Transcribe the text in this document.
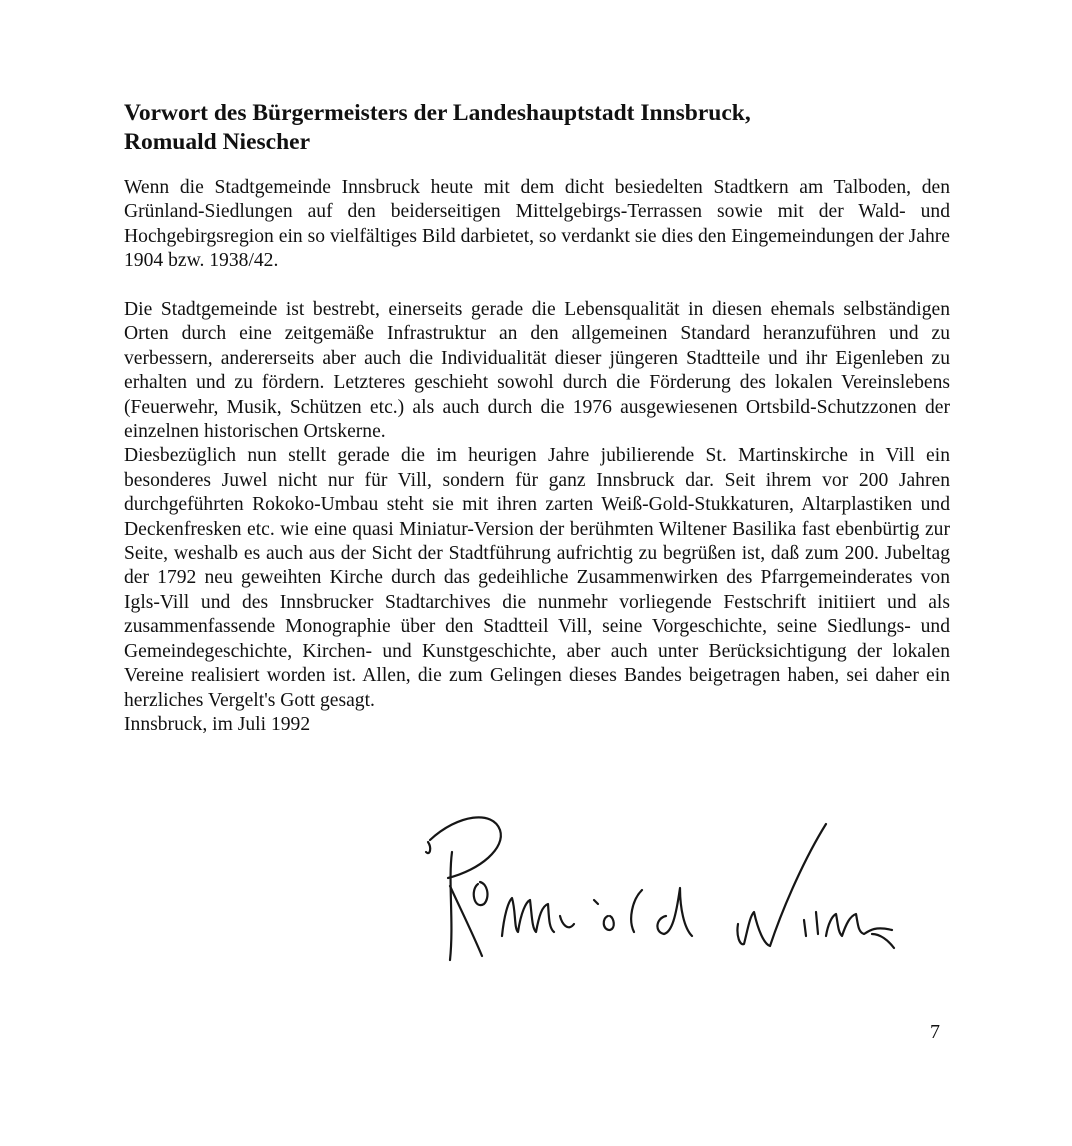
Vorwort des Bürgermeisters der Landeshauptstadt Innsbruck,
Romuald Niescher

Wenn die Stadtgemeinde Innsbruck heute mit dem dicht besiedelten Stadtkern am Talboden, den Grünland-Siedlungen auf den beiderseitigen Mittelgebirgs-Terrassen sowie mit der Wald- und Hochgebirgsregion ein so vielfältiges Bild darbietet, so verdankt sie dies den Eingemeindungen der Jahre 1904 bzw. 1938/42.

Die Stadtgemeinde ist bestrebt, einerseits gerade die Lebensqualität in diesen ehemals selbständigen Orten durch eine zeitgemäße Infrastruktur an den allgemeinen Standard heranzuführen und zu verbessern, andererseits aber auch die Individualität dieser jüngeren Stadtteile und ihr Eigenleben zu erhalten und zu fördern. Letzteres geschieht sowohl durch die Förderung des lokalen Vereinslebens (Feuerwehr, Musik, Schützen etc.) als auch durch die 1976 ausgewiesenen Ortsbild-Schutzzonen der einzelnen historischen Ortskerne.

Diesbezüglich nun stellt gerade die im heurigen Jahre jubilierende St. Martinskirche in Vill ein besonderes Juwel nicht nur für Vill, sondern für ganz Innsbruck dar. Seit ihrem vor 200 Jahren durchgeführten Rokoko-Umbau steht sie mit ihren zarten Weiß-Gold-Stukkaturen, Altarplastiken und Deckenfresken etc. wie eine quasi Miniatur-Version der berühmten Wiltener Basilika fast ebenbürtig zur Seite, weshalb es auch aus der Sicht der Stadtführung aufrichtig zu begrüßen ist, daß zum 200. Jubeltag der 1792 neu geweihten Kirche durch das gedeihliche Zusammenwirken des Pfarrgemeinderates von Igls-Vill und des Innsbrucker Stadtarchives die nunmehr vorliegende Festschrift initiiert und als zusammenfassende Monographie über den Stadtteil Vill, seine Vorgeschichte, seine Siedlungs- und Gemeindegeschichte, Kirchen- und Kunstgeschichte, aber auch unter Berücksichtigung der lokalen Vereine realisiert worden ist. Allen, die zum Gelingen dieses Bandes beigetragen haben, sei daher ein herzliches Vergelt's Gott gesagt.

Innsbruck, im Juli 1992

7
